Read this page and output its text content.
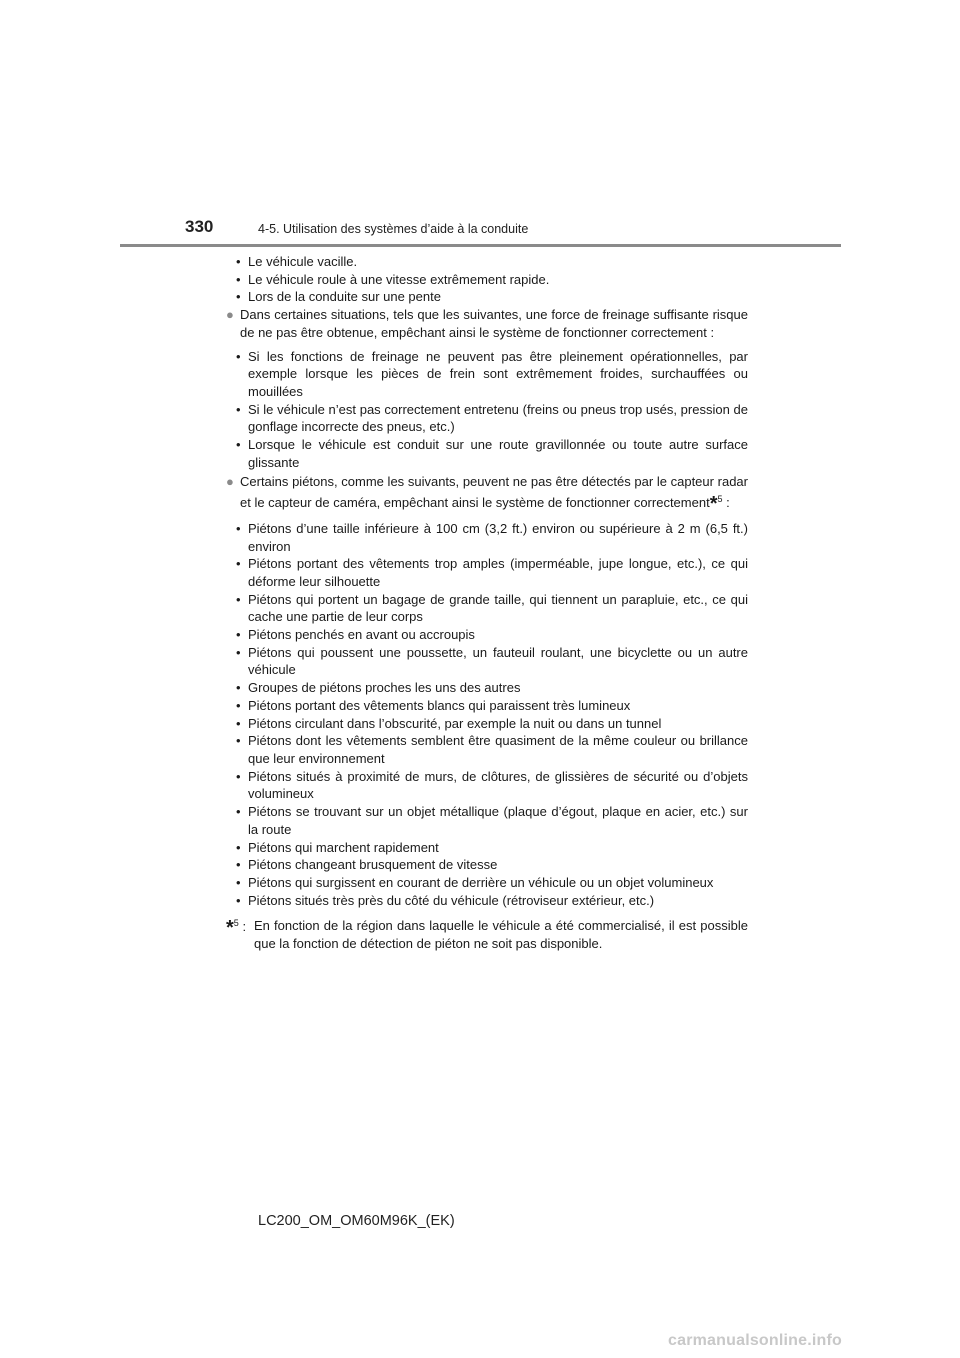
330	4-5. Utilisation des systèmes d’aide à la conduite
• Le véhicule vacille.
• Le véhicule roule à une vitesse extrêmement rapide.
• Lors de la conduite sur une pente
● Dans certaines situations, tels que les suivantes, une force de freinage suffisante risque de ne pas être obtenue, empêchant ainsi le système de fonctionner correctement :
• Si les fonctions de freinage ne peuvent pas être pleinement opérationnelles, par exemple lorsque les pièces de frein sont extrêmement froides, surchauffées ou mouillées
• Si le véhicule n’est pas correctement entretenu (freins ou pneus trop usés, pression de gonflage incorrecte des pneus, etc.)
• Lorsque le véhicule est conduit sur une route gravillonnée ou toute autre surface glissante
● Certains piétons, comme les suivants, peuvent ne pas être détectés par le capteur radar et le capteur de caméra, empêchant ainsi le système de fonctionner correctement*$^5$ :
• Piétons d’une taille inférieure à 100 cm (3,2 ft.) environ ou supérieure à 2 m (6,5 ft.) environ
• Piétons portant des vêtements trop amples (imperméable, jupe longue, etc.), ce qui déforme leur silhouette
• Piétons qui portent un bagage de grande taille, qui tiennent un parapluie, etc., ce qui cache une partie de leur corps
• Piétons penchés en avant ou accroupis
• Piétons qui poussent une poussette, un fauteuil roulant, une bicyclette ou un autre véhicule
• Groupes de piétons proches les uns des autres
• Piétons portant des vêtements blancs qui paraissent très lumineux
• Piétons circulant dans l’obscurité, par exemple la nuit ou dans un tunnel
• Piétons dont les vêtements semblent être quasiment de la même couleur ou brillance que leur environnement
• Piétons situés à proximité de murs, de clôtures, de glissières de sécurité ou d’objets volumineux
• Piétons se trouvant sur un objet métallique (plaque d’égout, plaque en acier, etc.) sur la route
• Piétons qui marchent rapidement
• Piétons changeant brusquement de vitesse
• Piétons qui surgissent en courant de derrière un véhicule ou un objet volumineux
• Piétons situés très près du côté du véhicule (rétroviseur extérieur, etc.)
*$^5$ : En fonction de la région dans laquelle le véhicule a été commercialisé, il est possible que la fonction de détection de piéton ne soit pas disponible.
LC200_OM_OM60M96K_(EK)
carmanualsonline.info
